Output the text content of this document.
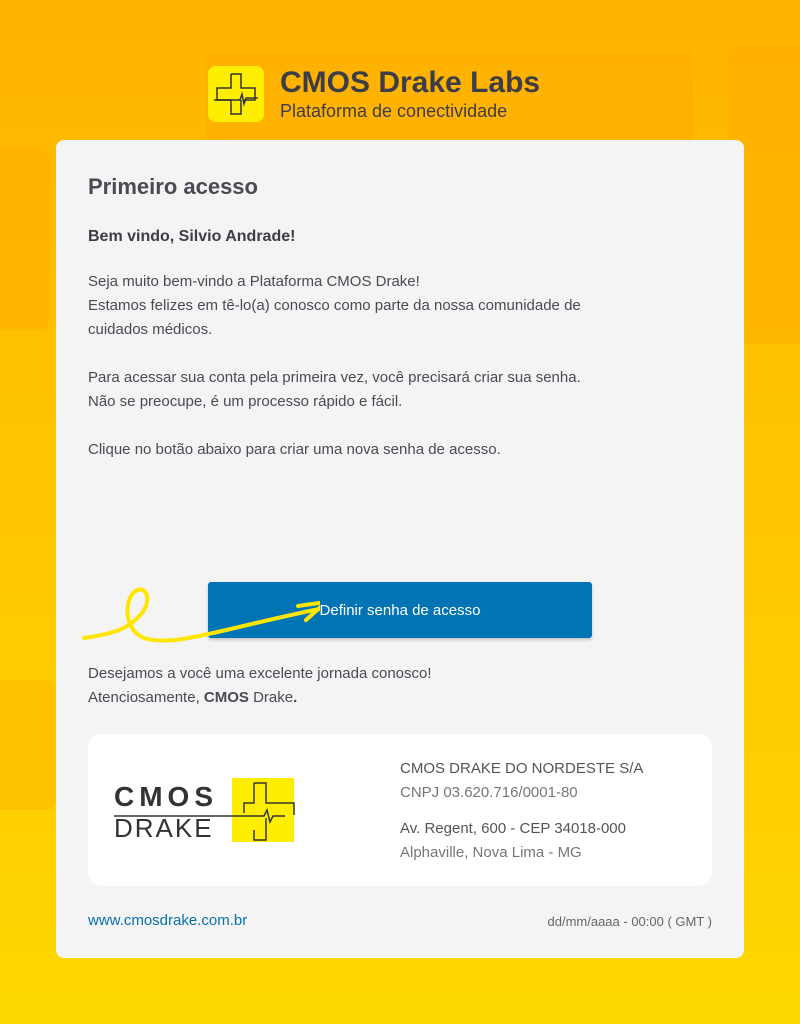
CMOS Drake Labs
Plataforma de conectividade
Primeiro acesso
Bem vindo, Silvio Andrade!
Seja muito bem-vindo a Plataforma CMOS Drake!
Estamos felizes em tê-lo(a) conosco como parte da nossa comunidade de
cuidados médicos.
Para acessar sua conta pela primeira vez, você precisará criar sua senha.
Não se preocupe, é um processo rápido e fácil.
Clique no botão abaixo para criar uma nova senha de acesso.
Definir senha de acesso
Desejamos a você uma excelente jornada conosco!
Atenciosamente, CMOS Drake.
CMOS
DRAKE
CMOS DRAKE DO NORDESTE S/A
CNPJ 03.620.716/0001-80
Av. Regent, 600 - CEP 34018-000
Alphaville, Nova Lima - MG
www.cmosdrake.com.br	dd/mm/aaaa - 00:00 ( GMT )
